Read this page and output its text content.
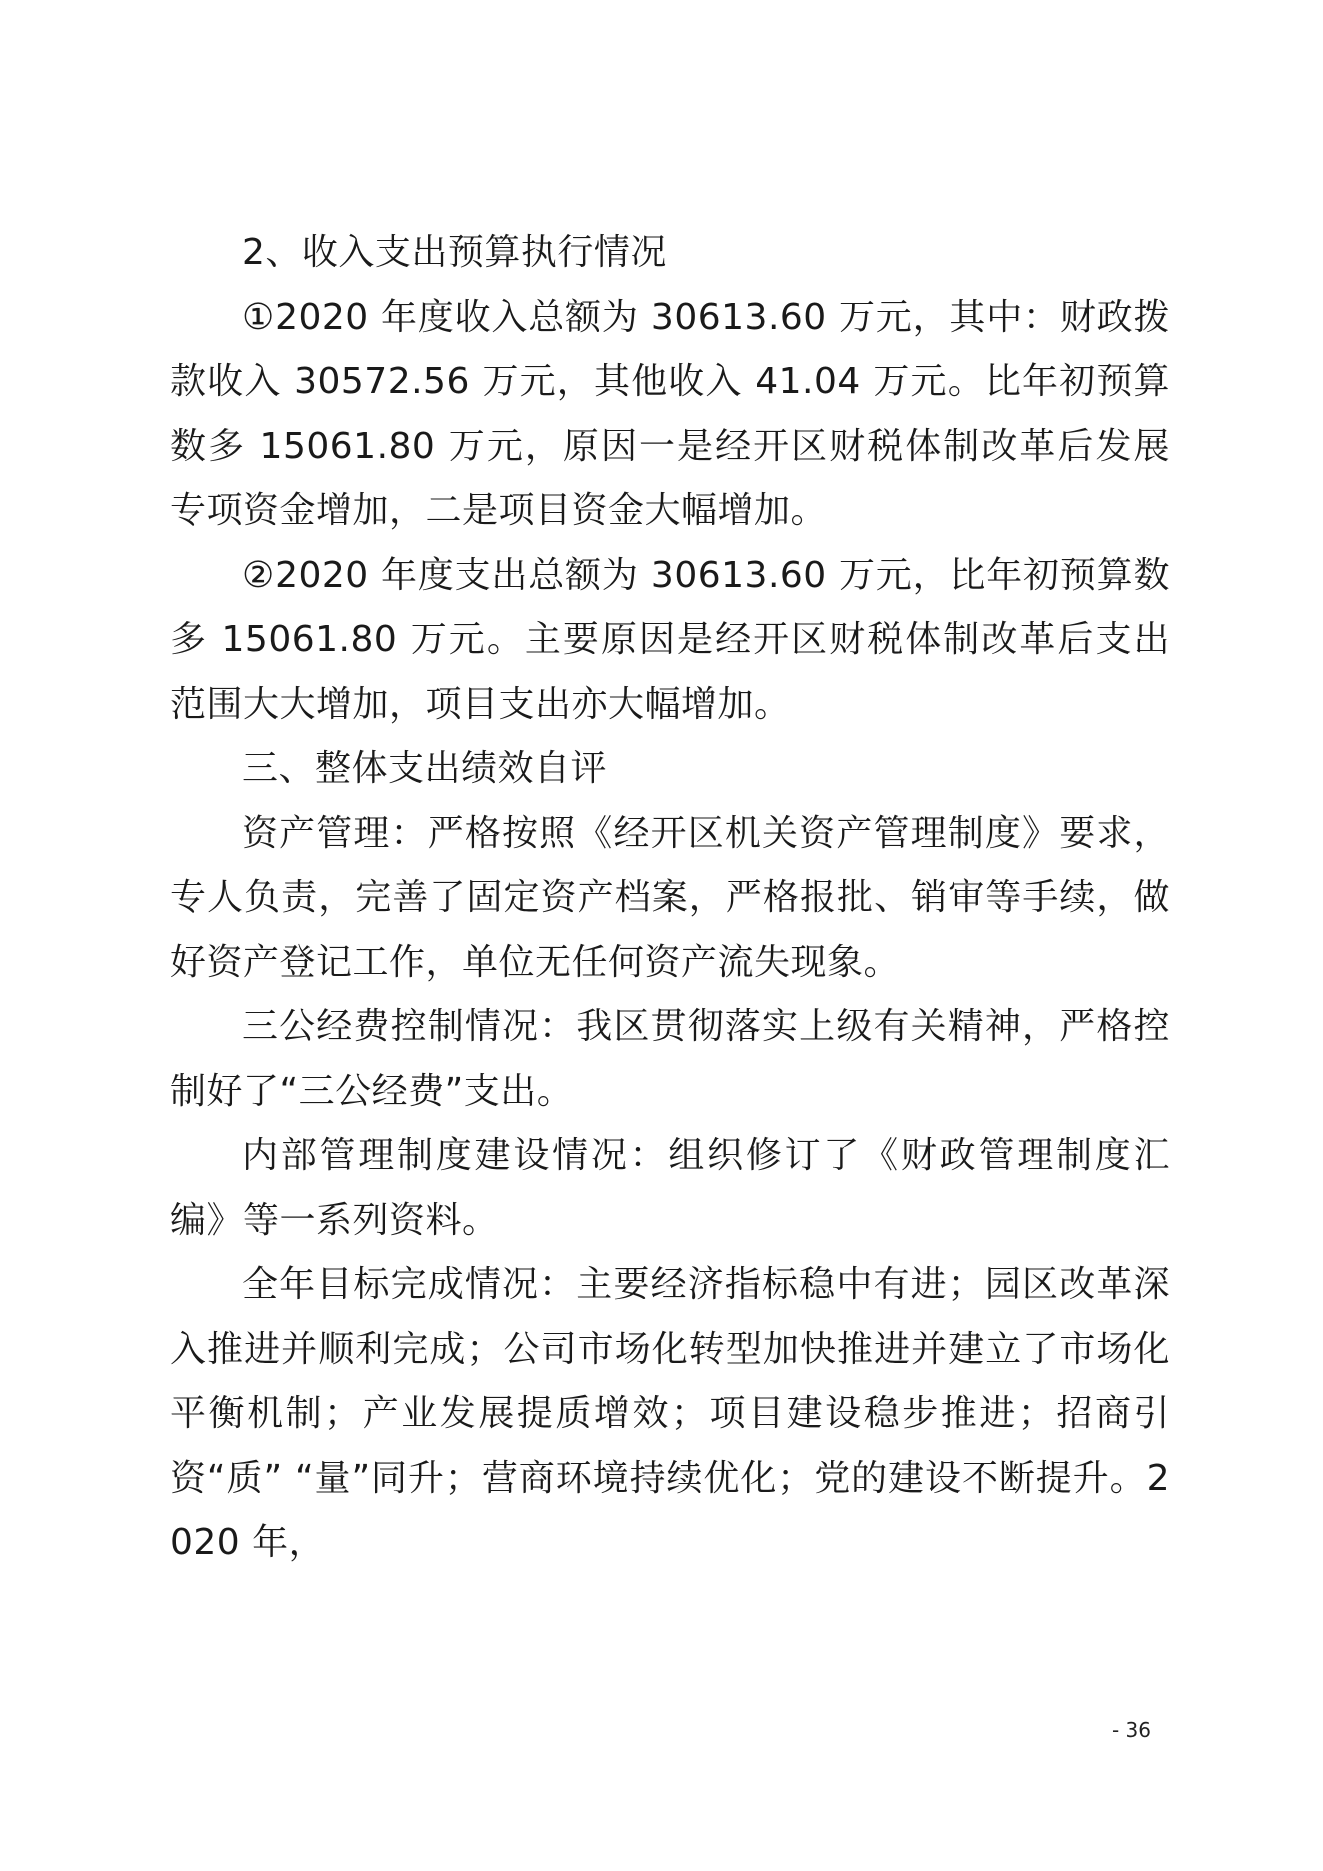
2、收入支出预算执行情况

①2020 年度收入总额为 30613.60 万元，其中：财政拨款收入 30572.56 万元，其他收入 41.04 万元。比年初预算数多 15061.80 万元，原因一是经开区财税体制改革后发展专项资金增加，二是项目资金大幅增加。

②2020 年度支出总额为 30613.60 万元，比年初预算数多 15061.80 万元。主要原因是经开区财税体制改革后支出范围大大增加，项目支出亦大幅增加。

三、整体支出绩效自评

资产管理：严格按照《经开区机关资产管理制度》要求，专人负责，完善了固定资产档案，严格报批、销审等手续，做好资产登记工作，单位无任何资产流失现象。

三公经费控制情况：我区贯彻落实上级有关精神，严格控制好了“三公经费”支出。

内部管理制度建设情况：组织修订了《财政管理制度汇编》等一系列资料。

全年目标完成情况：主要经济指标稳中有进；园区改革深入推进并顺利完成；公司市场化转型加快推进并建立了市场化平衡机制；产业发展提质增效；项目建设稳步推进；招商引资“质” “量”同升；营商环境持续优化；党的建设不断提升。2020 年，

- 36
